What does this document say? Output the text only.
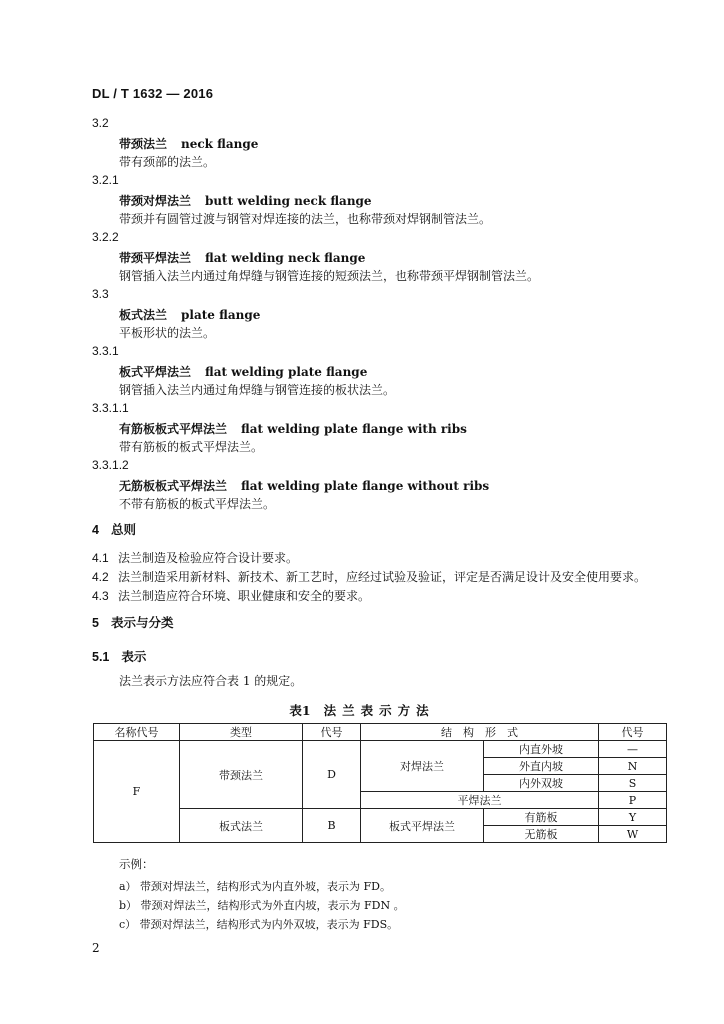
DL / T 1632 — 2016
3.2
带颈法兰 neck flange
带有颈部的法兰。
3.2.1
带颈对焊法兰 butt welding neck flange
带颈并有圆管过渡与钢管对焊连接的法兰，也称带颈对焊钢制管法兰。
3.2.2
带颈平焊法兰 flat welding neck flange
钢管插入法兰内通过角焊缝与钢管连接的短颈法兰，也称带颈平焊钢制管法兰。
3.3
板式法兰 plate flange
平板形状的法兰。
3.3.1
板式平焊法兰 flat welding plate flange
钢管插入法兰内通过角焊缝与钢管连接的板状法兰。
3.3.1.1
有筋板板式平焊法兰 flat welding plate flange with ribs
带有筋板的板式平焊法兰。
3.3.1.2
无筋板板式平焊法兰 flat welding plate flange without ribs
不带有筋板的板式平焊法兰。
4 总则
4.1 法兰制造及检验应符合设计要求。
4.2 法兰制造采用新材料、新技术、新工艺时，应经过试验及验证，评定是否满足设计及安全使用要求。
4.3 法兰制造应符合环境、职业健康和安全的要求。
5 表示与分类
5.1 表示
法兰表示方法应符合表 1 的规定。
表1 法兰表示方法
名称代号	类型	代号	结　构　形　式		代号
F	带颈法兰	D	对焊法兰	内直外坡	—
				外直内坡	N
				内外双坡	S
			平焊法兰		P
	板式法兰	B	板式平焊法兰	有筋板	Y
				无筋板	W
示例：
a） 带颈对焊法兰，结构形式为内直外坡，表示为 FD。
b） 带颈对焊法兰，结构形式为外直内坡，表示为 FDN 。
c） 带颈对焊法兰，结构形式为内外双坡，表示为 FDS。
2
